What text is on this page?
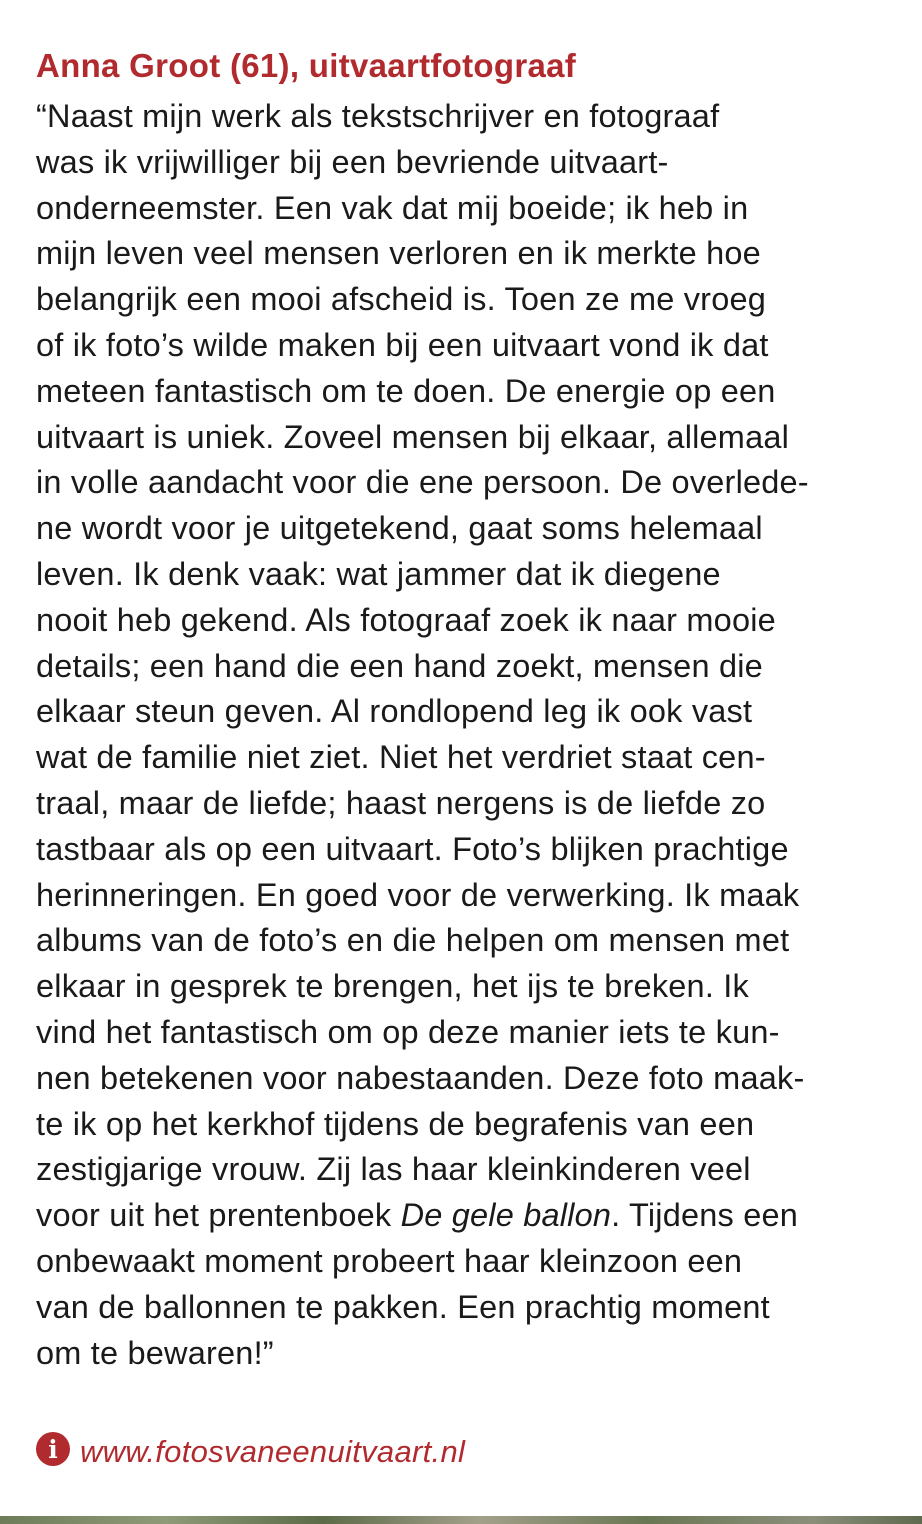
Anna Groot (61), uitvaartfotograaf

“Naast mijn werk als tekstschrijver en fotograaf
was ik vrijwilliger bij een bevriende uitvaart-
onderneemster. Een vak dat mij boeide; ik heb in
mijn leven veel mensen verloren en ik merkte hoe
belangrijk een mooi afscheid is. Toen ze me vroeg
of ik foto’s wilde maken bij een uitvaart vond ik dat
meteen fantastisch om te doen. De energie op een
uitvaart is uniek. Zoveel mensen bij elkaar, allemaal
in volle aandacht voor die ene persoon. De overlede-
ne wordt voor je uitgetekend, gaat soms helemaal
leven. Ik denk vaak: wat jammer dat ik diegene
nooit heb gekend. Als fotograaf zoek ik naar mooie
details; een hand die een hand zoekt, mensen die
elkaar steun geven. Al rondlopend leg ik ook vast
wat de familie niet ziet. Niet het verdriet staat cen-
traal, maar de liefde; haast nergens is de liefde zo
tastbaar als op een uitvaart. Foto’s blijken prachtige
herinneringen. En goed voor de verwerking. Ik maak
albums van de foto’s en die helpen om mensen met
elkaar in gesprek te brengen, het ijs te breken. Ik
vind het fantastisch om op deze manier iets te kun-
nen betekenen voor nabestaanden. Deze foto maak-
te ik op het kerkhof tijdens de begrafenis van een
zestigjarige vrouw. Zij las haar kleinkinderen veel
voor uit het prentenboek De gele ballon. Tijdens een
onbewaakt moment probeert haar kleinzoon een
van de ballonnen te pakken. Een prachtig moment
om te bewaren!”

i www.fotosvaneenuitvaart.nl
